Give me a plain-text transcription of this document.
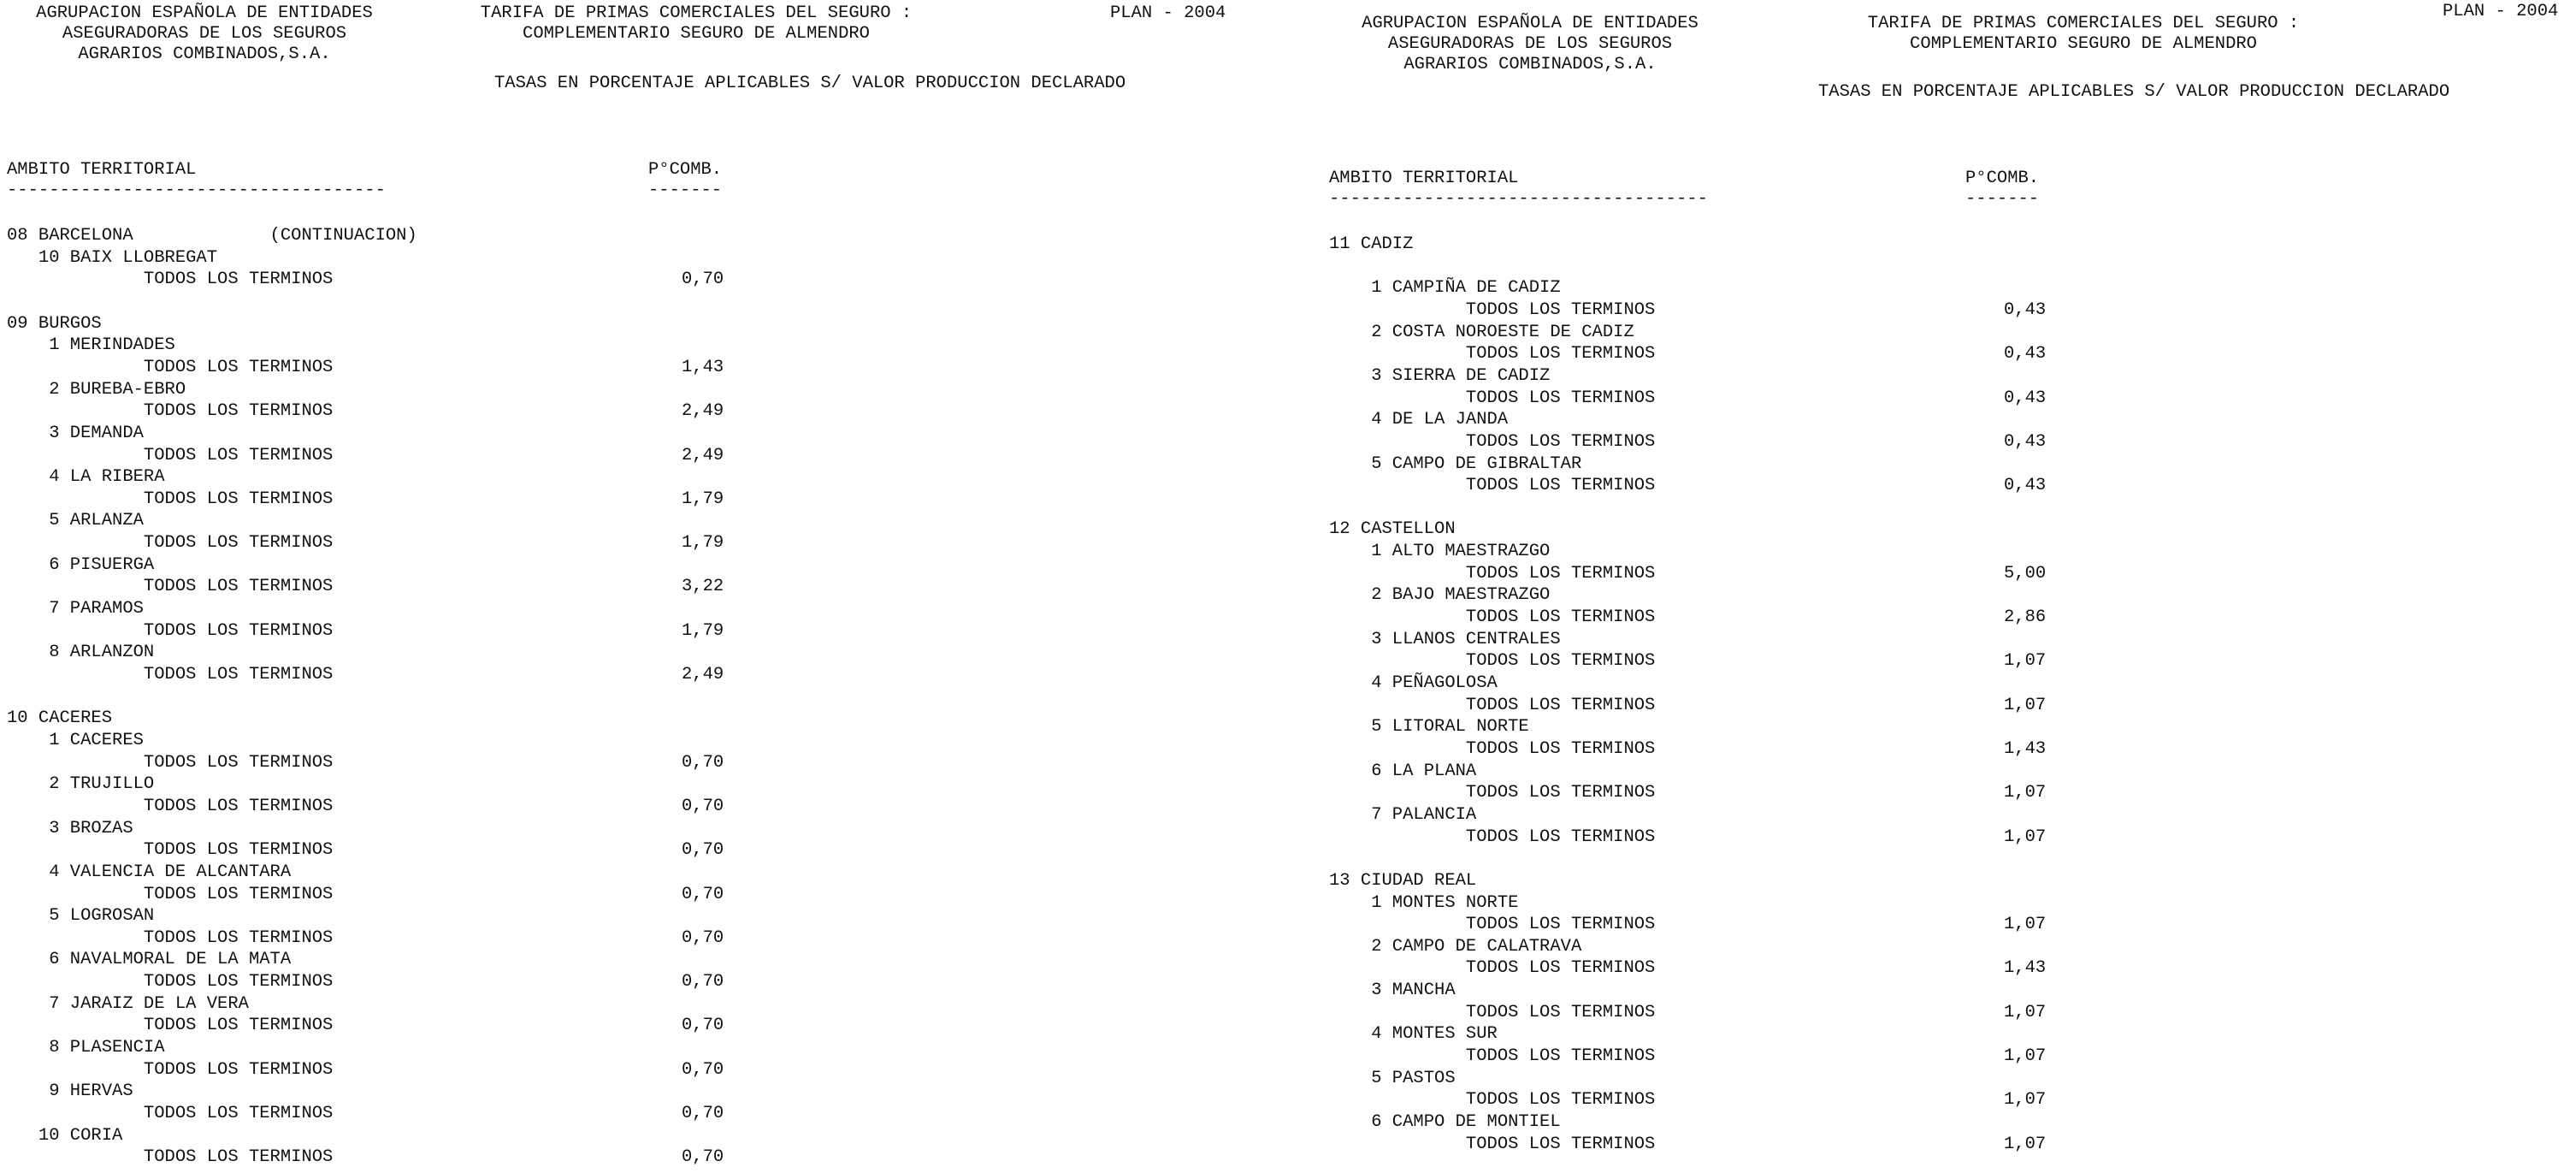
AGRUPACION ESPAÑOLA DE ENTIDADES
ASEGURADORAS DE LOS SEGUROS
AGRARIOS COMBINADOS,S.A.
TARIFA DE PRIMAS COMERCIALES DEL SEGURO :
COMPLEMENTARIO SEGURO DE ALMENDRO
PLAN - 2004
TASAS EN PORCENTAJE APLICABLES S/ VALOR PRODUCCION DECLARADO
AMBITO TERRITORIAL	P°COMB.
------------------------------------	-------
08 BARCELONA             (CONTINUACION)
10 BAIX LLOBREGAT
TODOS LOS TERMINOS	0,70
09 BURGOS
1 MERINDADES
TODOS LOS TERMINOS	1,43
2 BUREBA-EBRO
TODOS LOS TERMINOS	2,49
3 DEMANDA
TODOS LOS TERMINOS	2,49
4 LA RIBERA
TODOS LOS TERMINOS	1,79
5 ARLANZA
TODOS LOS TERMINOS	1,79
6 PISUERGA
TODOS LOS TERMINOS	3,22
7 PARAMOS
TODOS LOS TERMINOS	1,79
8 ARLANZON
TODOS LOS TERMINOS	2,49
10 CACERES
1 CACERES
TODOS LOS TERMINOS	0,70
2 TRUJILLO
TODOS LOS TERMINOS	0,70
3 BROZAS
TODOS LOS TERMINOS	0,70
4 VALENCIA DE ALCANTARA
TODOS LOS TERMINOS	0,70
5 LOGROSAN
TODOS LOS TERMINOS	0,70
6 NAVALMORAL DE LA MATA
TODOS LOS TERMINOS	0,70
7 JARAIZ DE LA VERA
TODOS LOS TERMINOS	0,70
8 PLASENCIA
TODOS LOS TERMINOS	0,70
9 HERVAS
TODOS LOS TERMINOS	0,70
10 CORIA
TODOS LOS TERMINOS	0,70
AGRUPACION ESPAÑOLA DE ENTIDADES
ASEGURADORAS DE LOS SEGUROS
AGRARIOS COMBINADOS,S.A.
TARIFA DE PRIMAS COMERCIALES DEL SEGURO :
COMPLEMENTARIO SEGURO DE ALMENDRO
PLAN - 2004
TASAS EN PORCENTAJE APLICABLES S/ VALOR PRODUCCION DECLARADO
AMBITO TERRITORIAL	P°COMB.
------------------------------------	-------
11 CADIZ
1 CAMPIÑA DE CADIZ
TODOS LOS TERMINOS	0,43
2 COSTA NOROESTE DE CADIZ
TODOS LOS TERMINOS	0,43
3 SIERRA DE CADIZ
TODOS LOS TERMINOS	0,43
4 DE LA JANDA
TODOS LOS TERMINOS	0,43
5 CAMPO DE GIBRALTAR
TODOS LOS TERMINOS	0,43
12 CASTELLON
1 ALTO MAESTRAZGO
TODOS LOS TERMINOS	5,00
2 BAJO MAESTRAZGO
TODOS LOS TERMINOS	2,86
3 LLANOS CENTRALES
TODOS LOS TERMINOS	1,07
4 PEÑAGOLOSA
TODOS LOS TERMINOS	1,07
5 LITORAL NORTE
TODOS LOS TERMINOS	1,43
6 LA PLANA
TODOS LOS TERMINOS	1,07
7 PALANCIA
TODOS LOS TERMINOS	1,07
13 CIUDAD REAL
1 MONTES NORTE
TODOS LOS TERMINOS	1,07
2 CAMPO DE CALATRAVA
TODOS LOS TERMINOS	1,43
3 MANCHA
TODOS LOS TERMINOS	1,07
4 MONTES SUR
TODOS LOS TERMINOS	1,07
5 PASTOS
TODOS LOS TERMINOS	1,07
6 CAMPO DE MONTIEL
TODOS LOS TERMINOS	1,07
